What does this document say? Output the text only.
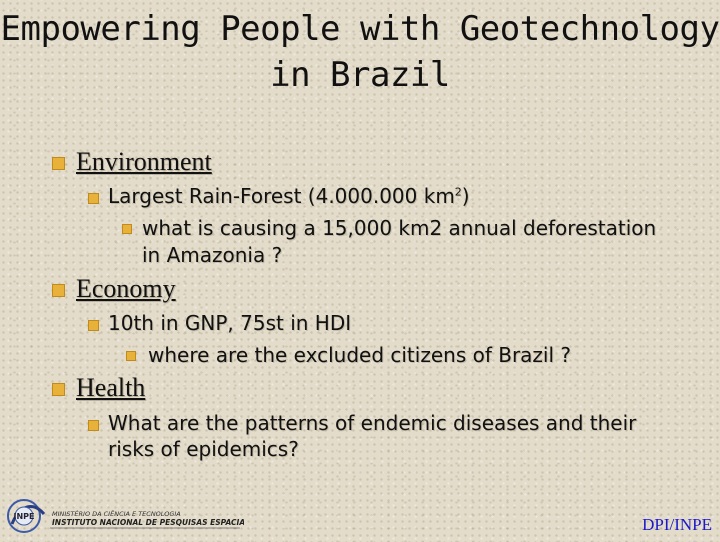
Empowering People with Geotechnology
in Brazil
Environment
Largest Rain-Forest (4.000.000 $km^2$)
what is causing a 15,000 km2 annual deforestation
in Amazonia ?
Economy
10th in GNP, 75st in HDI
where are the excluded citizens of Brazil ?
Health
What are the patterns of endemic diseases and their
risks of epidemics?
INPE	MINISTÉRIO DA CIÊNCIA E TECNOLOGIA
INSTITUTO NACIONAL DE PESQUISAS ESPACIAIS	DPI/INPE
